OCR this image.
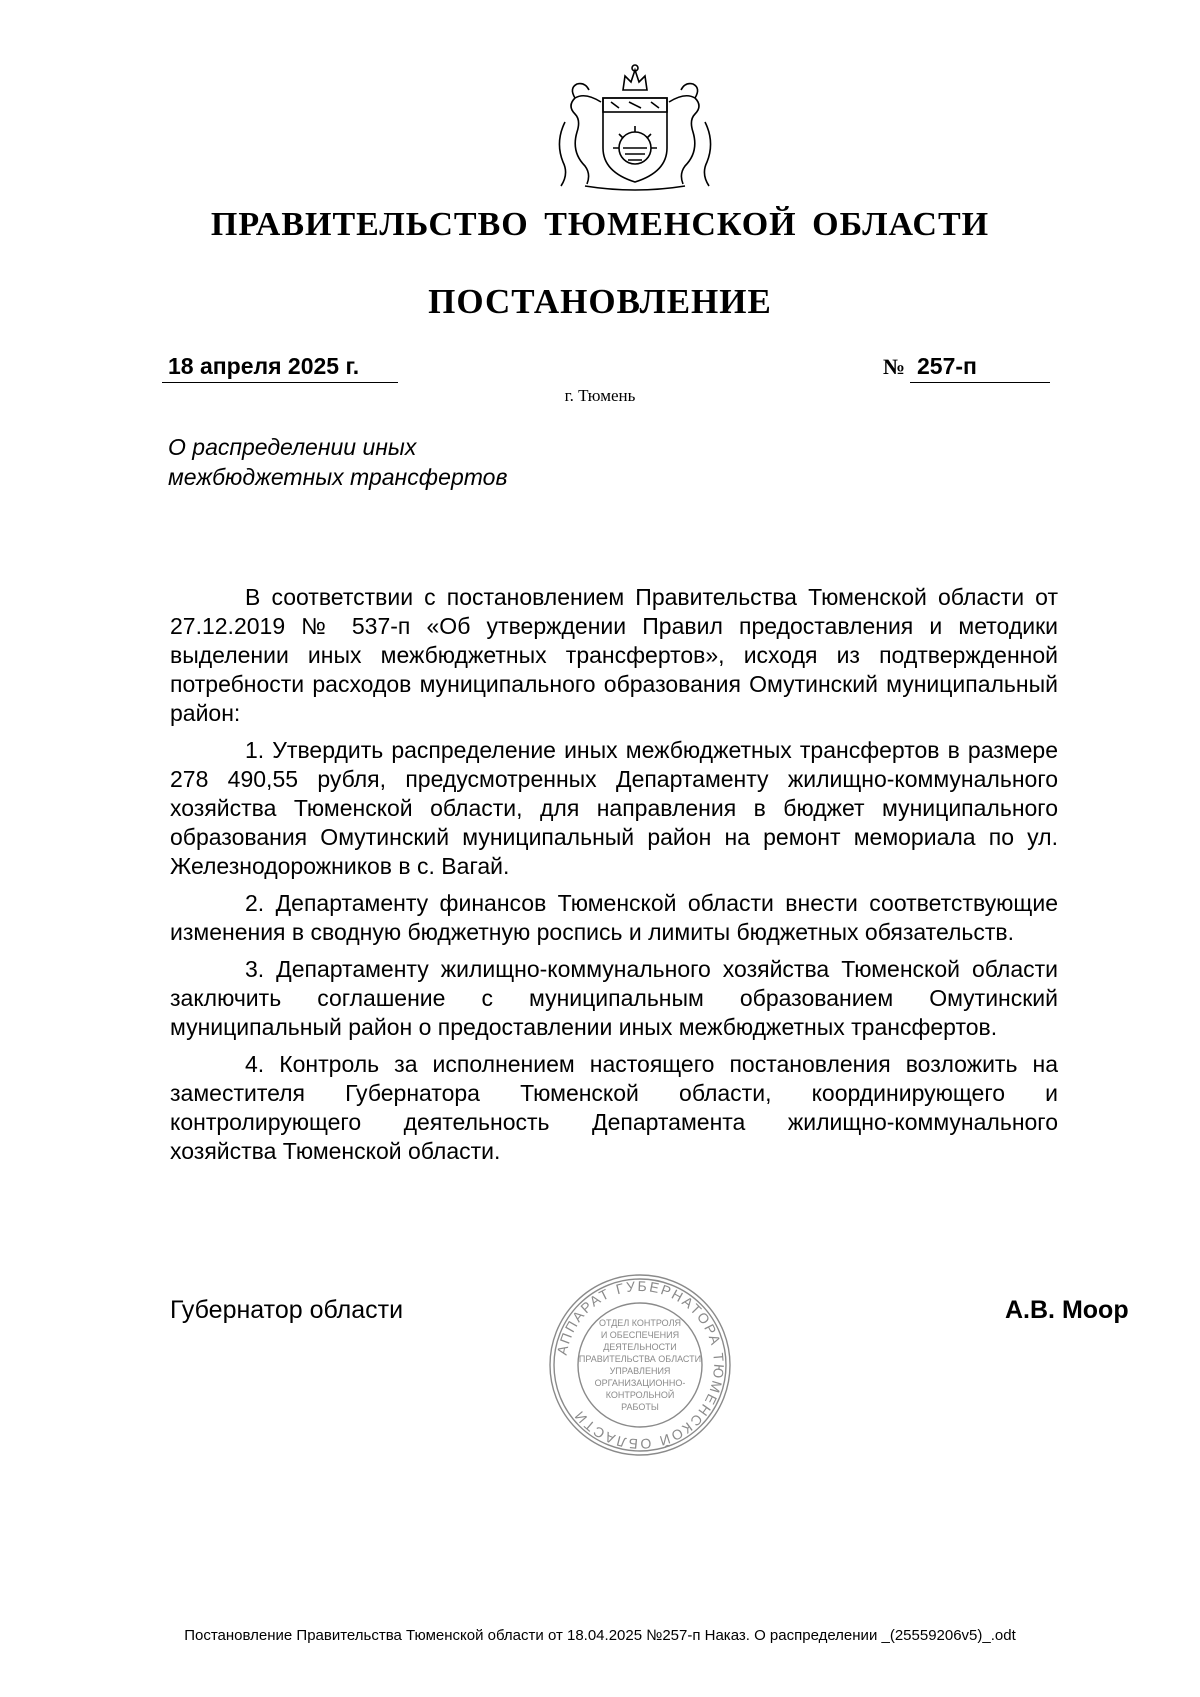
ПРАВИТЕЛЬСТВО ТЮМЕНСКОЙ ОБЛАСТИ
ПОСТАНОВЛЕНИЕ
18 апреля 2025 г.	№ 257-п
г. Тюмень
О распределении иных
межбюджетных трансфертов

В соответствии с постановлением Правительства Тюменской области от 27.12.2019 № 537-п «Об утверждении Правил предоставления и методики выделении иных межбюджетных трансфертов», исходя из подтвержденной потребности расходов муниципального образования Омутинский муниципальный район:

1. Утвердить распределение иных межбюджетных трансфертов в размере 278 490,55 рубля, предусмотренных Департаменту жилищно-коммунального хозяйства Тюменской области, для направления в бюджет муниципального образования Омутинский муниципальный район на ремонт мемориала по ул. Железнодорожников в с. Вагай.

2. Департаменту финансов Тюменской области внести соответствующие изменения в сводную бюджетную роспись и лимиты бюджетных обязательств.

3. Департаменту жилищно-коммунального хозяйства Тюменской области заключить соглашение с муниципальным образованием Омутинский муниципальный район о предоставлении иных межбюджетных трансфертов.

4. Контроль за исполнением настоящего постановления возложить на заместителя Губернатора Тюменской области, координирующего и контролирующего деятельность Департамента жилищно-коммунального хозяйства Тюменской области.

Губернатор области	А.В. Моор
АППАРАТ ГУБЕРНАТОРА ТЮМЕНСКОЙ ОБЛАСТИ
ОТДЕЛ КОНТРОЛЯ
И ОБЕСПЕЧЕНИЯ
ДЕЯТЕЛЬНОСТИ
ПРАВИТЕЛЬСТВА ОБЛАСТИ
УПРАВЛЕНИЯ
ОРГАНИЗАЦИОННО-
КОНТРОЛЬНОЙ
РАБОТЫ
Постановление Правительства Тюменской области от 18.04.2025 №257-п Наказ. О распределении _(25559206v5)_.odt
